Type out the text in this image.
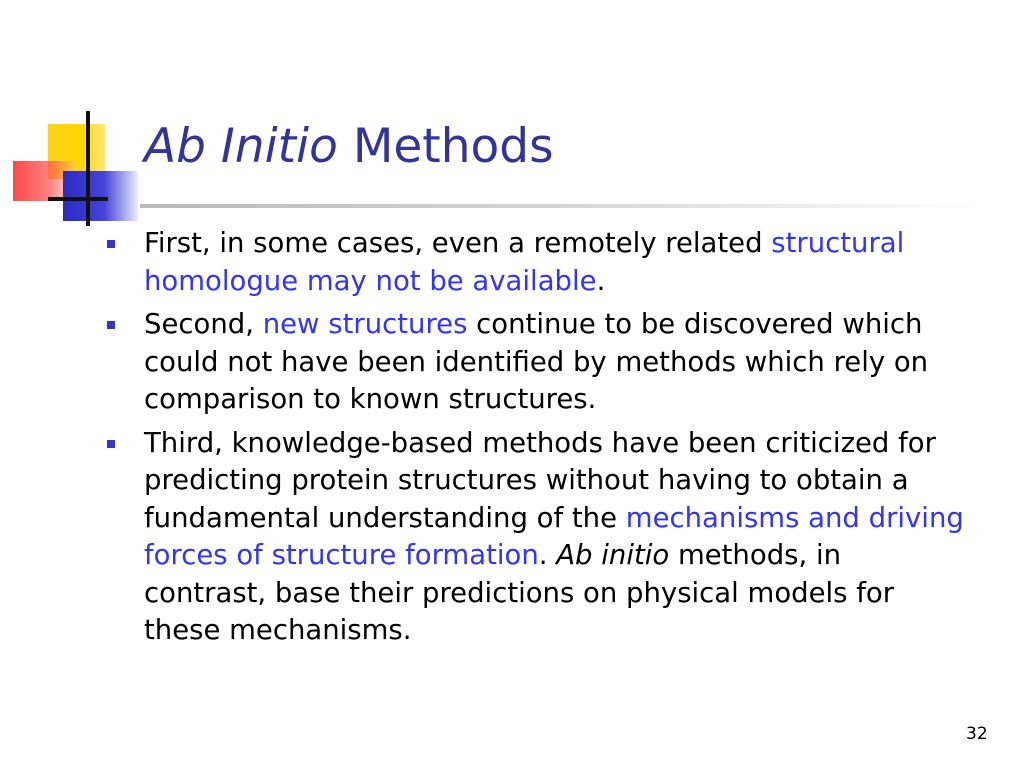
Ab Initio Methods
First, in some cases, even a remotely related structural homologue may not be available.
Second, new structures continue to be discovered which could not have been identified by methods which rely on comparison to known structures.
Third, knowledge-based methods have been criticized for predicting protein structures without having to obtain a fundamental understanding of the mechanisms and driving forces of structure formation. Ab initio methods, in contrast, base their predictions on physical models for these mechanisms.
32
